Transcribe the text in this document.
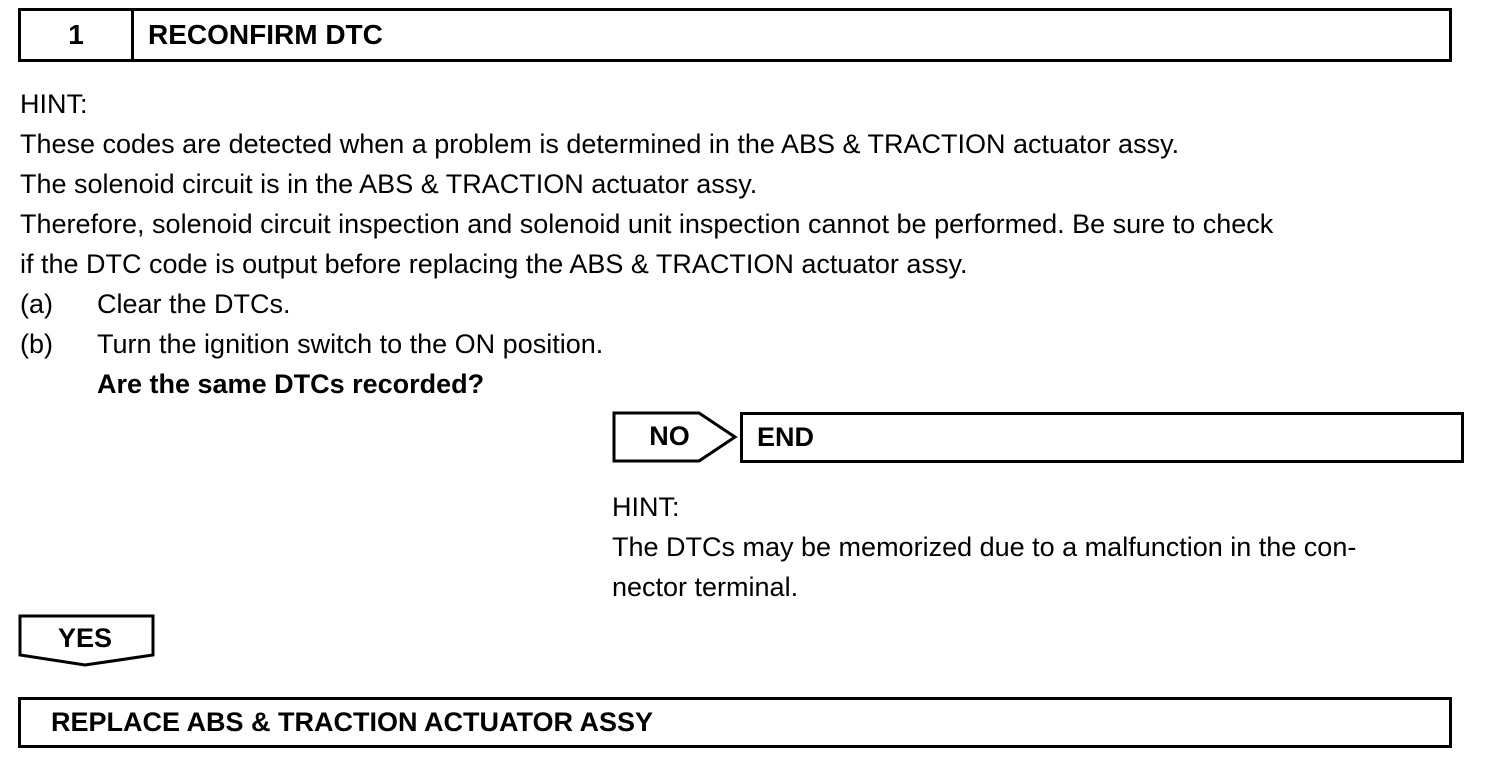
1	RECONFIRM DTC
HINT:
These codes are detected when a problem is determined in the ABS & TRACTION actuator assy.
The solenoid circuit is in the ABS & TRACTION actuator assy.
Therefore, solenoid circuit inspection and solenoid unit inspection cannot be performed. Be sure to check
if the DTC code is output before replacing the ABS & TRACTION actuator assy.
(a) Clear the DTCs.
(b) Turn the ignition switch to the ON position.
Are the same DTCs recorded?
NO	END
HINT:
The DTCs may be memorized due to a malfunction in the con-
nector terminal.
YES
REPLACE ABS & TRACTION ACTUATOR ASSY
